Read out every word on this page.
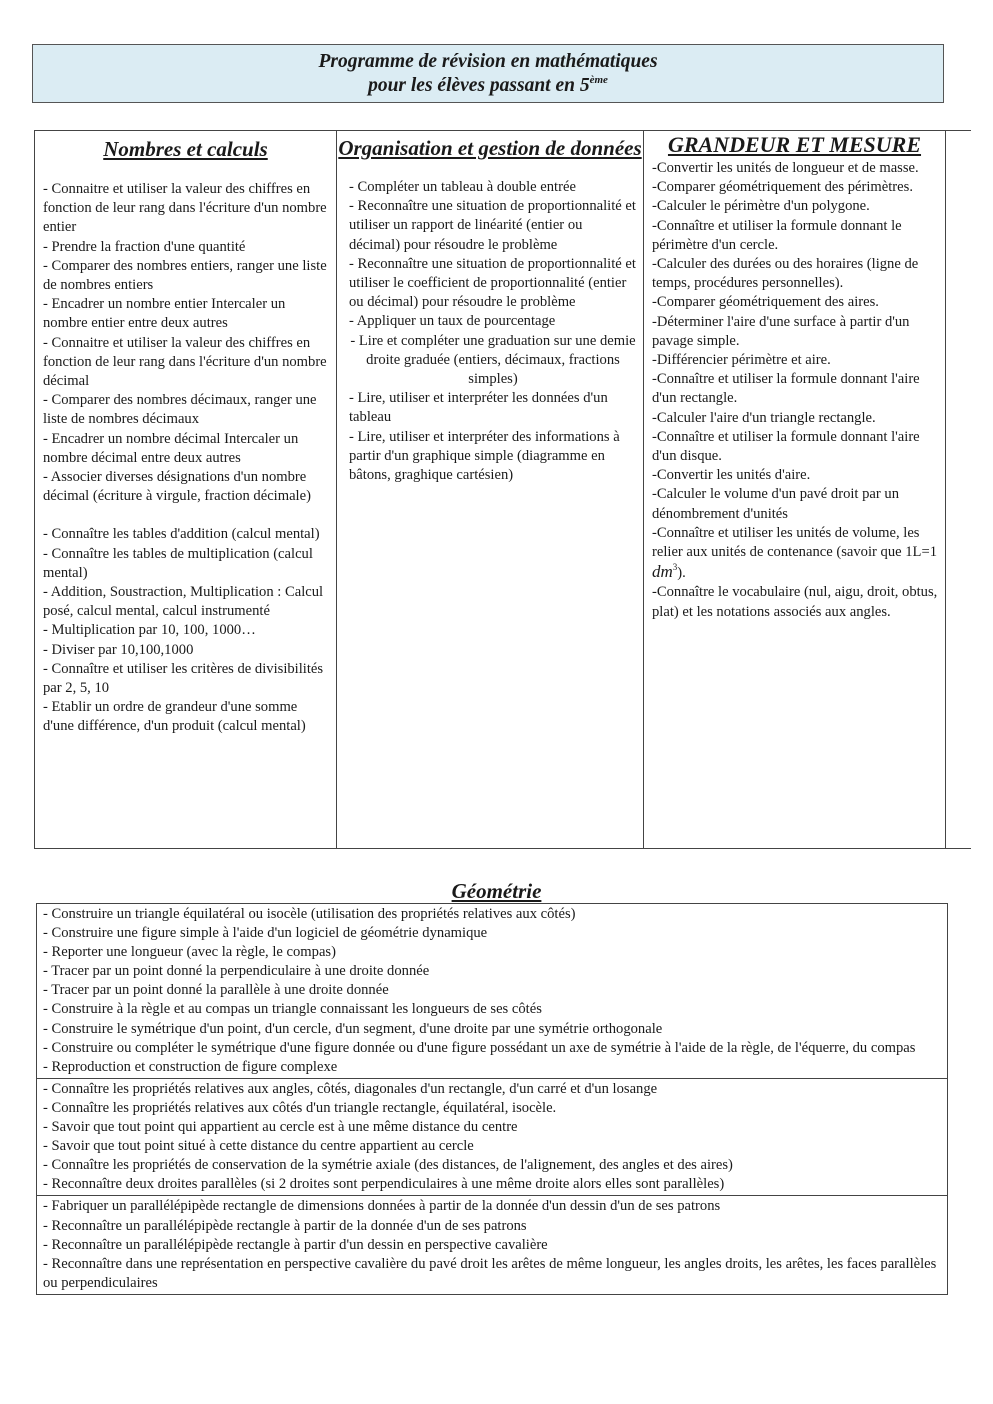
Programme de révision en mathématiques
pour les élèves passant en 5ème
Nombres et calculs
- Connaitre et utiliser la valeur des chiffres en fonction de leur rang dans l'écriture d'un nombre entier
- Prendre la fraction d'une quantité
- Comparer des nombres entiers, ranger une liste de nombres entiers
- Encadrer un nombre entier Intercaler un nombre entier entre deux autres
- Connaitre et utiliser la valeur des chiffres en fonction de leur rang dans l'écriture d'un nombre décimal
- Comparer des nombres décimaux, ranger une liste de nombres décimaux
- Encadrer un nombre décimal Intercaler un nombre décimal entre deux autres
- Associer diverses désignations d'un nombre décimal (écriture à virgule, fraction décimale)
- Connaître les tables d'addition (calcul mental)
- Connaître les tables de multiplication (calcul mental)
- Addition, Soustraction, Multiplication : Calcul posé, calcul mental, calcul instrumenté
- Multiplication par 10, 100, 1000…
- Diviser par 10,100,1000
- Connaître et utiliser les critères de divisibilités par 2, 5, 10
- Etablir un ordre de grandeur d'une somme d'une différence, d'un produit (calcul mental)
Organisation et gestion de données
- Compléter un tableau à double entrée
- Reconnaître une situation de proportionnalité et utiliser un rapport de linéarité (entier ou décimal) pour résoudre le problème
- Reconnaître une situation de proportionnalité et utiliser le coefficient de proportionnalité (entier ou décimal) pour résoudre le problème
- Appliquer un taux de pourcentage
- Lire et compléter une graduation sur une demie droite graduée (entiers, décimaux, fractions simples)
- Lire, utiliser et interpréter les données d'un tableau
- Lire, utiliser et interpréter des informations à partir d'un graphique simple (diagramme en bâtons, graghique cartésien)
GRANDEUR ET MESURE
-Convertir les unités de longueur et de masse.
-Comparer géométriquement des périmètres.
-Calculer le périmètre d'un polygone.
-Connaître et utiliser la formule donnant le périmètre d'un cercle.
-Calculer des durées ou des horaires (ligne de temps, procédures personnelles).
-Comparer géométriquement des aires.
-Déterminer l'aire d'une surface à partir d'un pavage simple.
-Différencier périmètre et aire.
-Connaître et utiliser la formule donnant l'aire d'un rectangle.
-Calculer l'aire d'un triangle rectangle.
-Connaître et utiliser la formule donnant l'aire d'un disque.
-Convertir les unités d'aire.
-Calculer le volume d'un pavé droit par un dénombrement d'unités
-Connaître et utiliser les unités de volume, les relier aux unités de contenance (savoir que 1L=1 $dm^3$).
-Connaître le vocabulaire (nul, aigu, droit, obtus, plat) et les notations associés aux angles.
Géométrie
- Construire un triangle équilatéral ou isocèle (utilisation des propriétés relatives aux côtés)
- Construire une figure simple à l'aide d'un logiciel de géométrie dynamique
- Reporter une longueur (avec la règle, le compas)
- Tracer par un point donné la perpendiculaire à une droite donnée
- Tracer par un point donné la parallèle à une droite donnée
- Construire à la règle et au compas un triangle connaissant les longueurs de ses côtés
- Construire le symétrique d'un point, d'un cercle, d'un segment, d'une droite par une symétrie orthogonale
- Construire ou compléter le symétrique d'une figure donnée ou d'une figure possédant un axe de symétrie à l'aide de la règle, de l'équerre, du compas
- Reproduction et construction de figure complexe
- Connaître les propriétés relatives aux angles, côtés, diagonales d'un rectangle, d'un carré et d'un losange
- Connaître les propriétés relatives aux côtés d'un triangle rectangle, équilatéral, isocèle.
- Savoir que tout point qui appartient au cercle est à une même distance du centre
- Savoir que tout point situé à cette distance du centre appartient au cercle
- Connaître les propriétés de conservation de la symétrie axiale (des distances, de l'alignement, des angles et des aires)
- Reconnaître deux droites parallèles (si 2 droites sont perpendiculaires à une même droite alors elles sont parallèles)
- Fabriquer un parallélépipède rectangle de dimensions données à partir de la donnée d'un dessin d'un de ses patrons
- Reconnaître un parallélépipède rectangle à partir de la donnée d'un de ses patrons
- Reconnaître un parallélépipède rectangle à partir d'un dessin en perspective cavalière
- Reconnaître dans une représentation en perspective cavalière du pavé droit les arêtes de même longueur, les angles droits, les arêtes, les faces parallèles ou perpendiculaires
